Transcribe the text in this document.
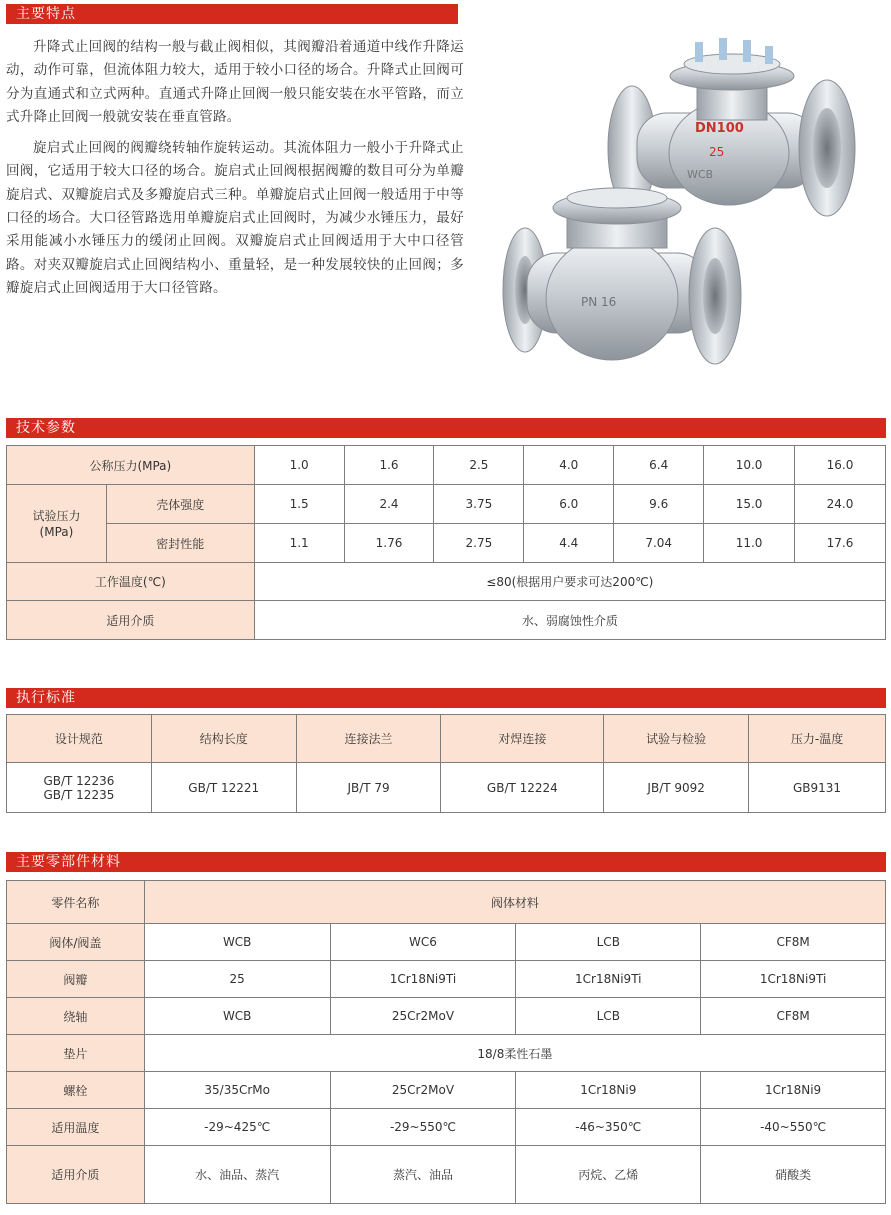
主要特点

升降式止回阀的结构一般与截止阀相似，其阀瓣沿着通道中线作升降运动，动作可靠，但流体阻力较大，适用于较小口径的场合。升降式止回阀可分为直通式和立式两种。直通式升降止回阀一般只能安装在水平管路，而立式升降止回阀一般就安装在垂直管路。

旋启式止回阀的阀瓣绕转轴作旋转运动。其流体阻力一般小于升降式止回阀，它适用于较大口径的场合。旋启式止回阀根据阀瓣的数目可分为单瓣旋启式、双瓣旋启式及多瓣旋启式三种。单瓣旋启式止回阀一般适用于中等口径的场合。大口径管路选用单瓣旋启式止回阀时，为减少水锤压力，最好采用能减小水锤压力的缓闭止回阀。双瓣旋启式止回阀适用于大中口径管路。对夹双瓣旋启式止回阀结构小、重量轻，是一种发展较快的止回阀；多瓣旋启式止回阀适用于大口径管路。

DN100
25
WCB
PN 16
技术参数
公称压力(MPa)		1.0	1.6	2.5	4.0	6.4	10.0	16.0
试验压力
(MPa)	壳体强度	1.5	2.4	3.75	6.0	9.6	15.0	24.0
	密封性能	1.1	1.76	2.75	4.4	7.04	11.0	17.6
工作温度(℃)		≤80(根据用户要求可达200℃)						
适用介质		水、弱腐蚀性介质						
执行标准
设计规范	结构长度	连接法兰	对焊连接	试验与检验	压力-温度

GB/T 12236
GB/T 12235	GB/T 12221	JB/T 79	GB/T 12224	JB/T 9092	GB9131
主要零部件材料
零件名称	阀体材料			
阀体/阀盖	WCB	WC6	LCB	CF8M
阀瓣	25	1Cr18Ni9Ti	1Cr18Ni9Ti	1Cr18Ni9Ti
绕轴	WCB	25Cr2MoV	LCB	CF8M
垫片	18/8柔性石墨			
螺栓	35/35CrMo	25Cr2MoV	1Cr18Ni9	1Cr18Ni9
适用温度	-29~425℃	-29~550℃	-46~350℃	-40~550℃
适用介质	水、油品、蒸汽	蒸汽、油品	丙烷、乙烯	硝酸类
